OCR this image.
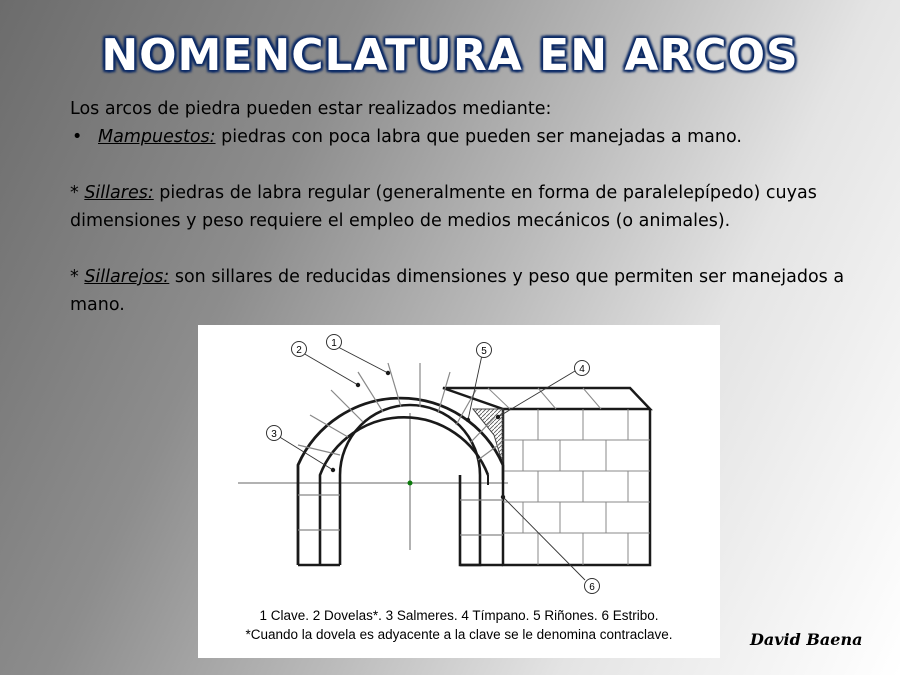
NOMENCLATURA EN ARCOS

Los arcos de piedra pueden estar realizados mediante:

• Mampuestos: piedras con poca labra que pueden ser manejadas a mano.

* Sillares: piedras de labra regular (generalmente en forma de paralelepípedo) cuyas dimensiones y peso requiere el empleo de medios mecánicos (o animales).

* Sillarejos: son sillares de reducidas dimensiones y peso que permiten ser manejados a mano.

1
2
3
4
5
6
1 Clave. 2 Dovelas*. 3 Salmeres. 4 Tímpano. 5 Riñones. 6 Estribo.
*Cuando la dovela es adyacente a la clave se le denomina contraclave.	David Baena
